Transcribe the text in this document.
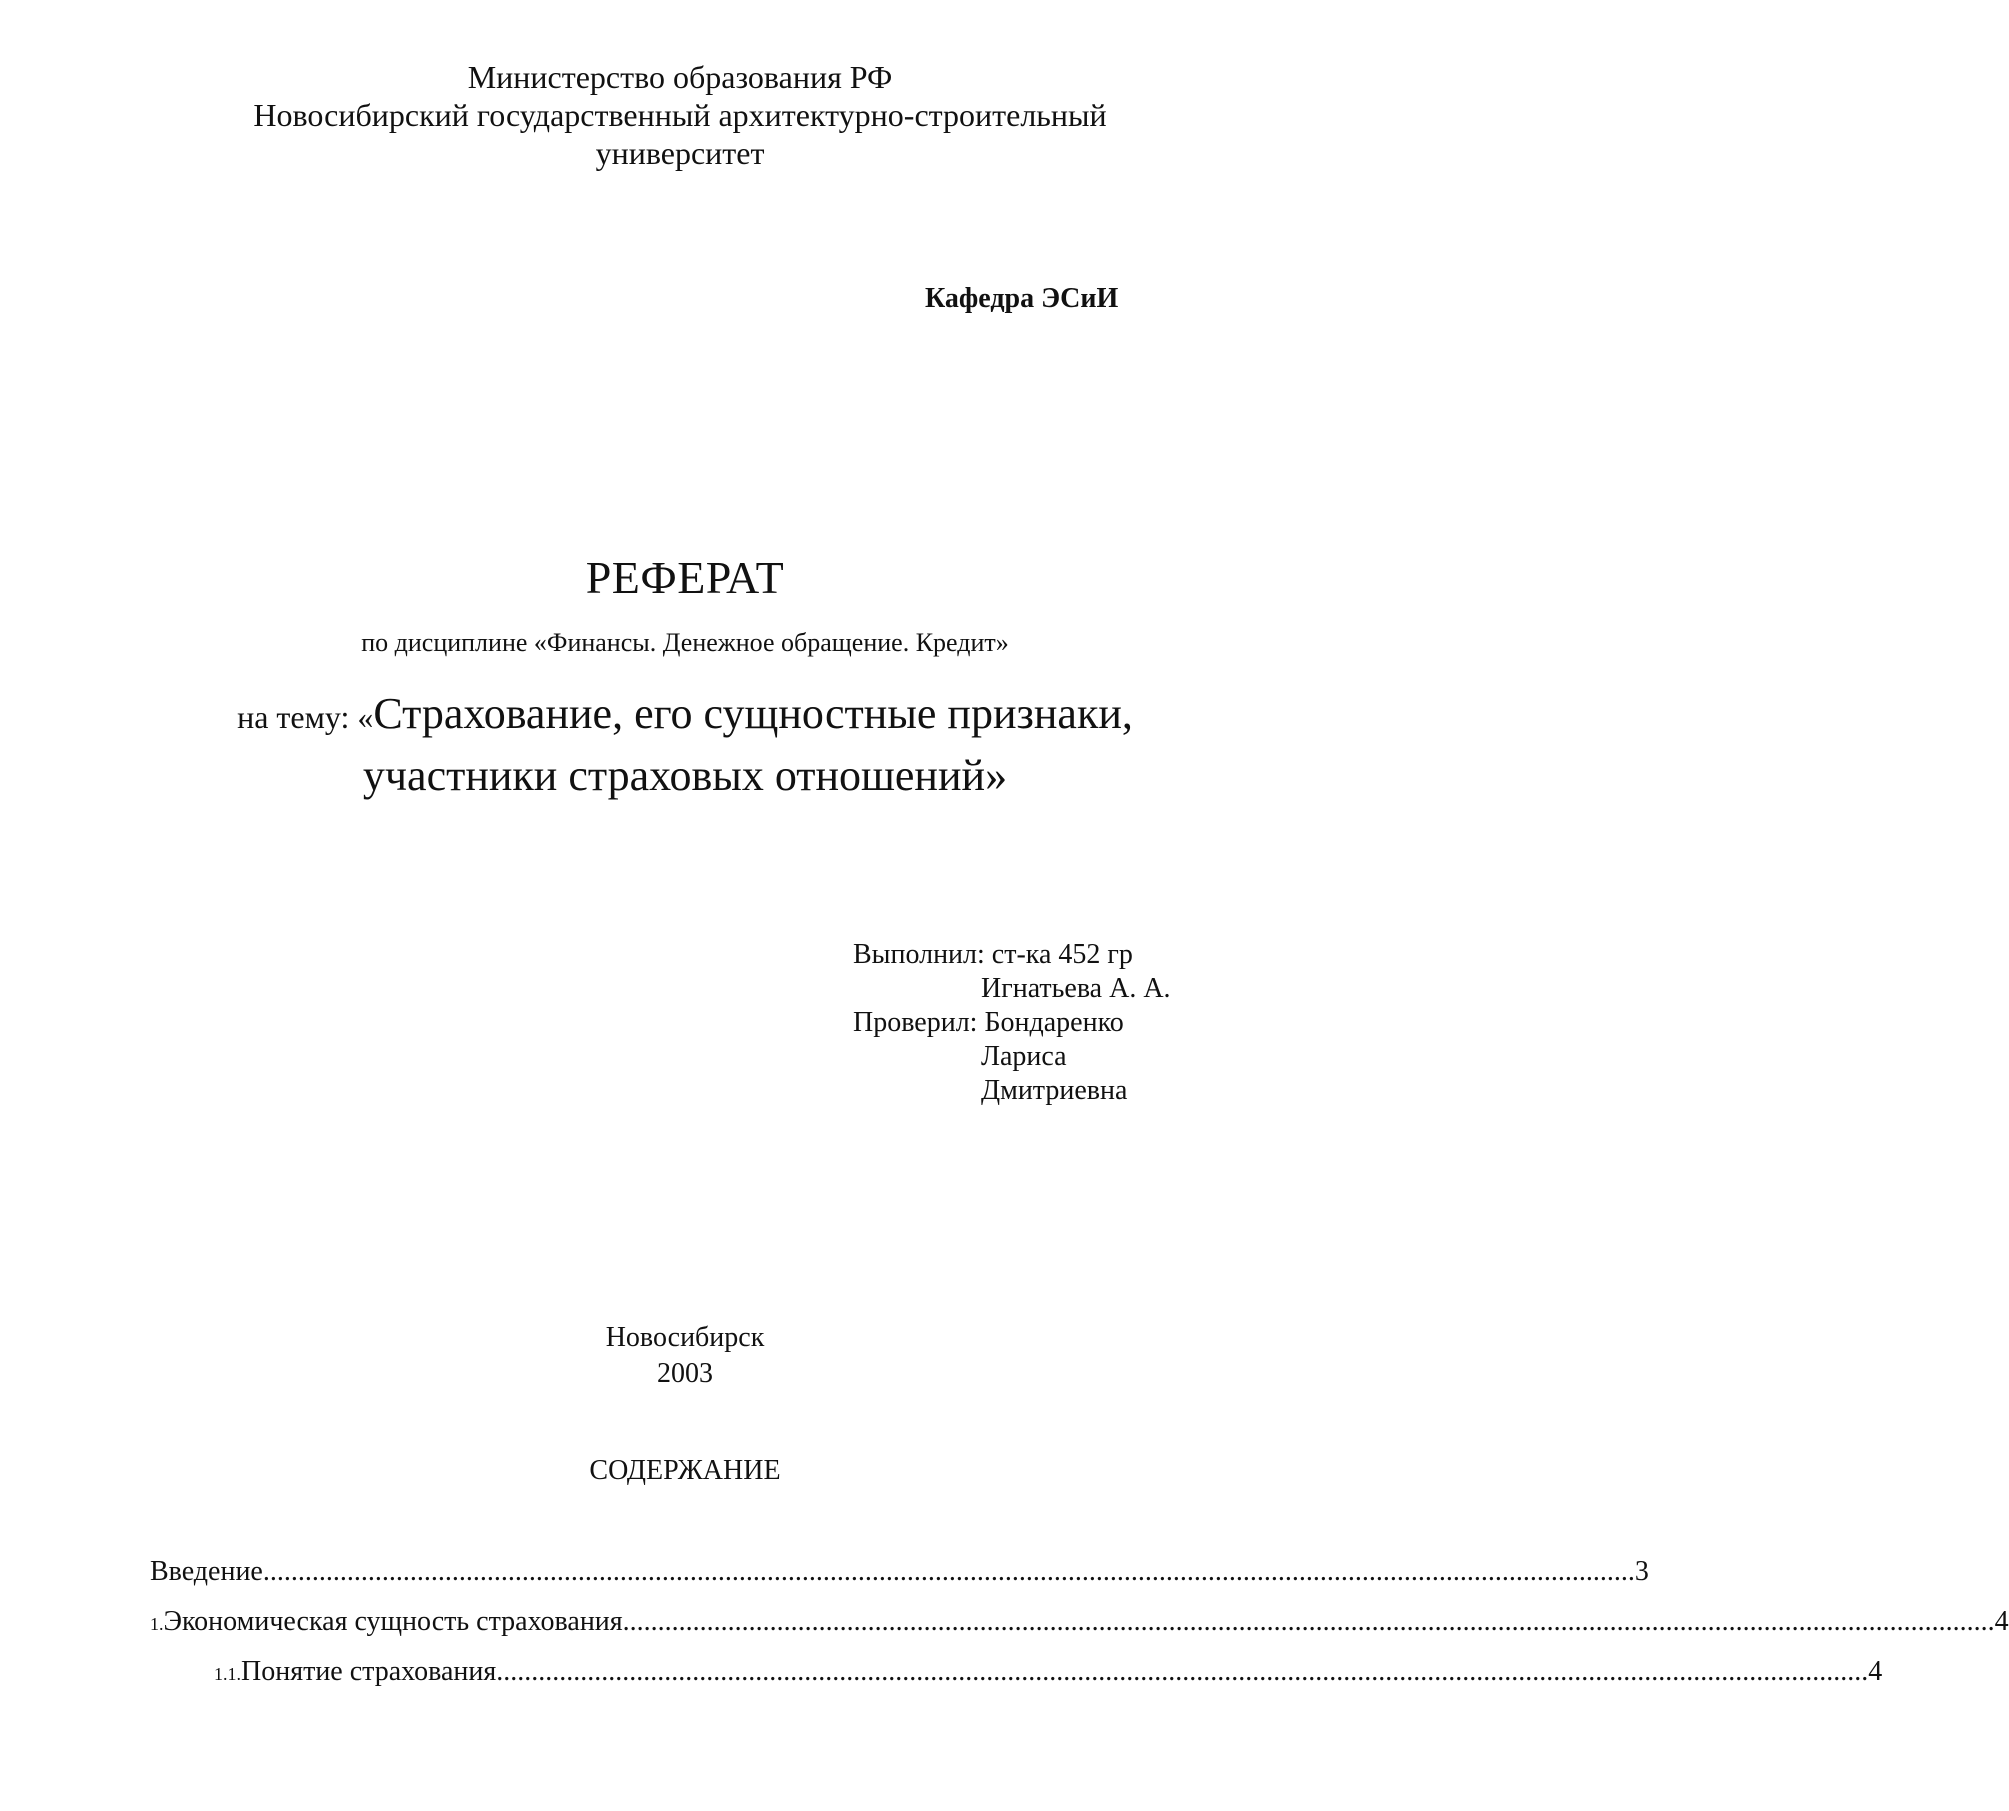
Министерство образования РФ
Новосибирский государственный архитектурно-строительный
университет
Кафедра ЭСиИ
РЕФЕРАТ
по дисциплине «Финансы. Денежное обращение. Кредит»
на тему: «Страхование, его сущностные признаки,
участники страховых отношений»
Выполнил: ст-ка 452 гр
Игнатьева А. А.
Проверил: Бондаренко
Лариса
Дмитриевна
Новосибирск
2003
СОДЕРЖАНИЕ
Введение .................................................................................................................................................................................................... 3
1. Экономическая сущность страхования .................................................................................................................................................................................................... 4
1.1. Понятие страхования .................................................................................................................................................................................................... 4
